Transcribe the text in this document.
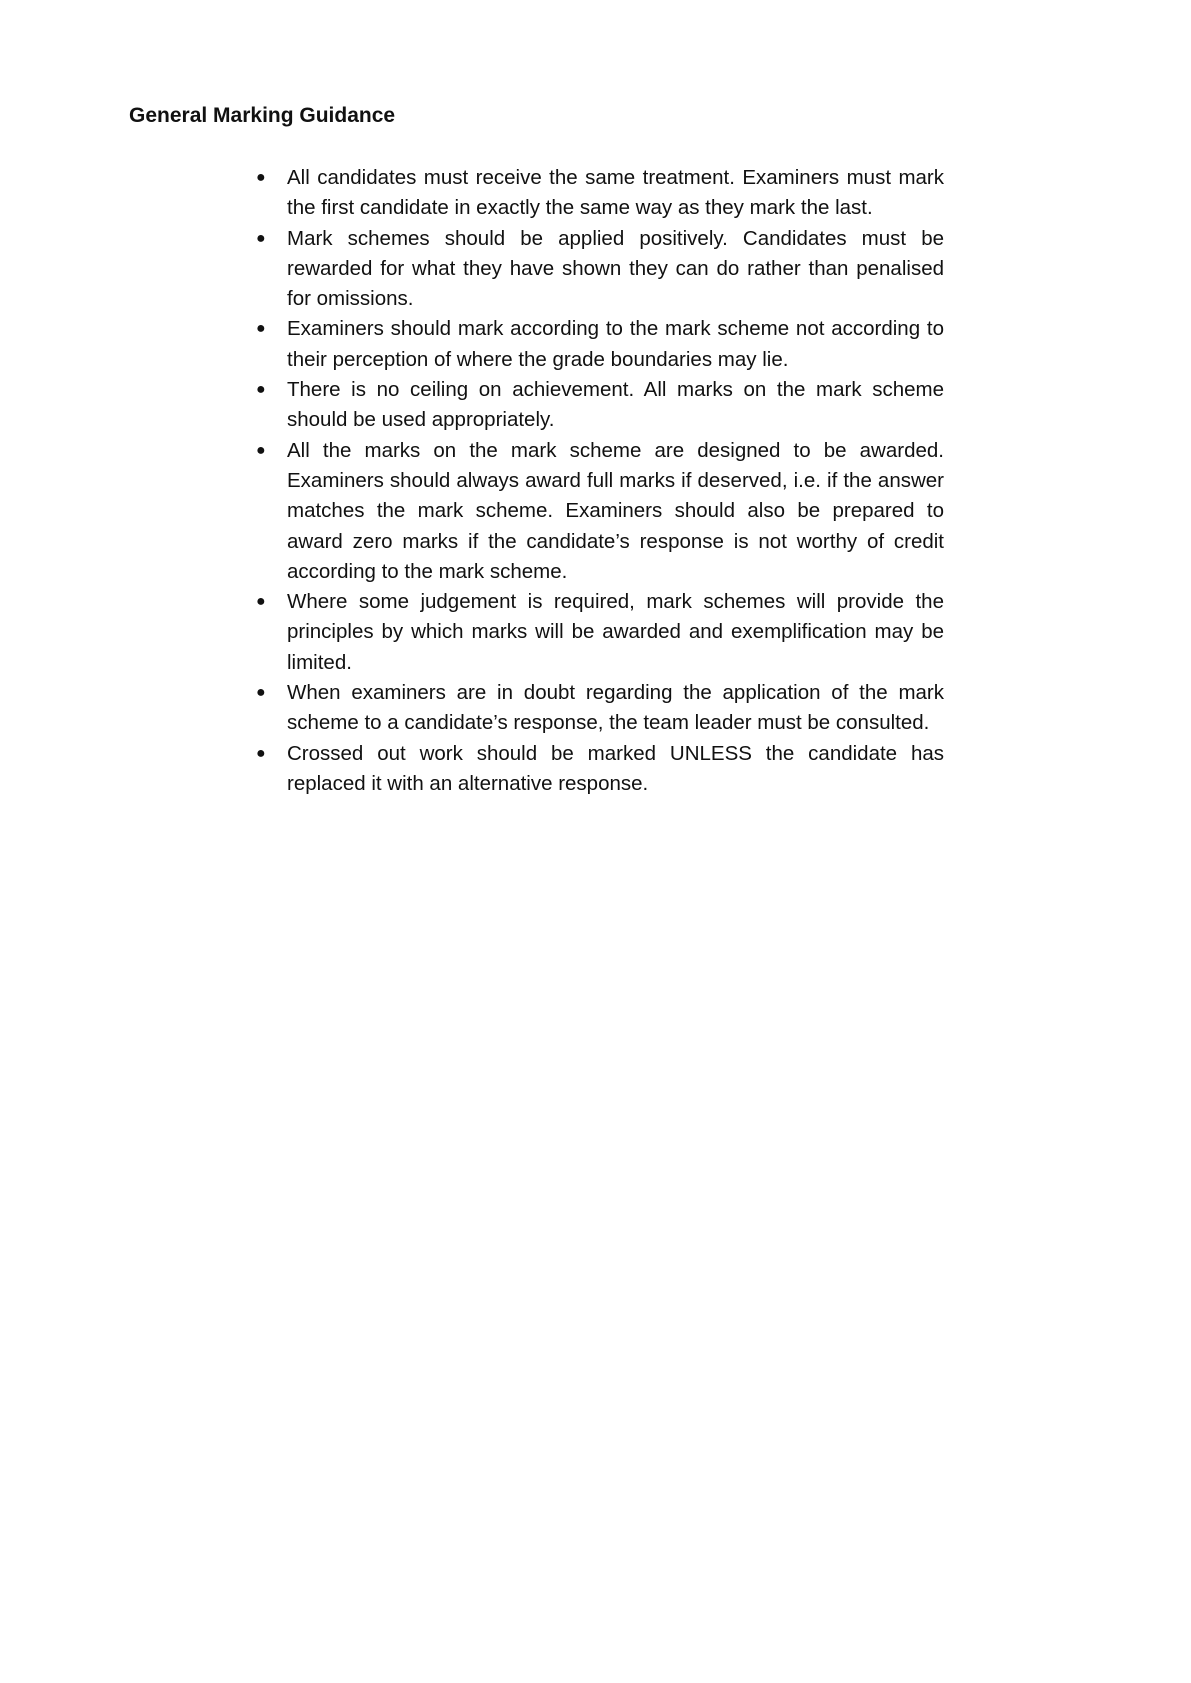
General Marking Guidance
● All candidates must receive the same treatment. Examiners must mark the first candidate in exactly the same way as they mark the last.
● Mark schemes should be applied positively. Candidates must be rewarded for what they have shown they can do rather than penalised for omissions.
● Examiners should mark according to the mark scheme not according to their perception of where the grade boundaries may lie.
● There is no ceiling on achievement. All marks on the mark scheme should be used appropriately.
● All the marks on the mark scheme are designed to be awarded. Examiners should always award full marks if deserved, i.e. if the answer matches the mark scheme. Examiners should also be prepared to award zero marks if the candidate’s response is not worthy of credit according to the mark scheme.
● Where some judgement is required, mark schemes will provide the principles by which marks will be awarded and exemplification may be limited.
● When examiners are in doubt regarding the application of the mark scheme to a candidate’s response, the team leader must be consulted.
● Crossed out work should be marked UNLESS the candidate has replaced it with an alternative response.
